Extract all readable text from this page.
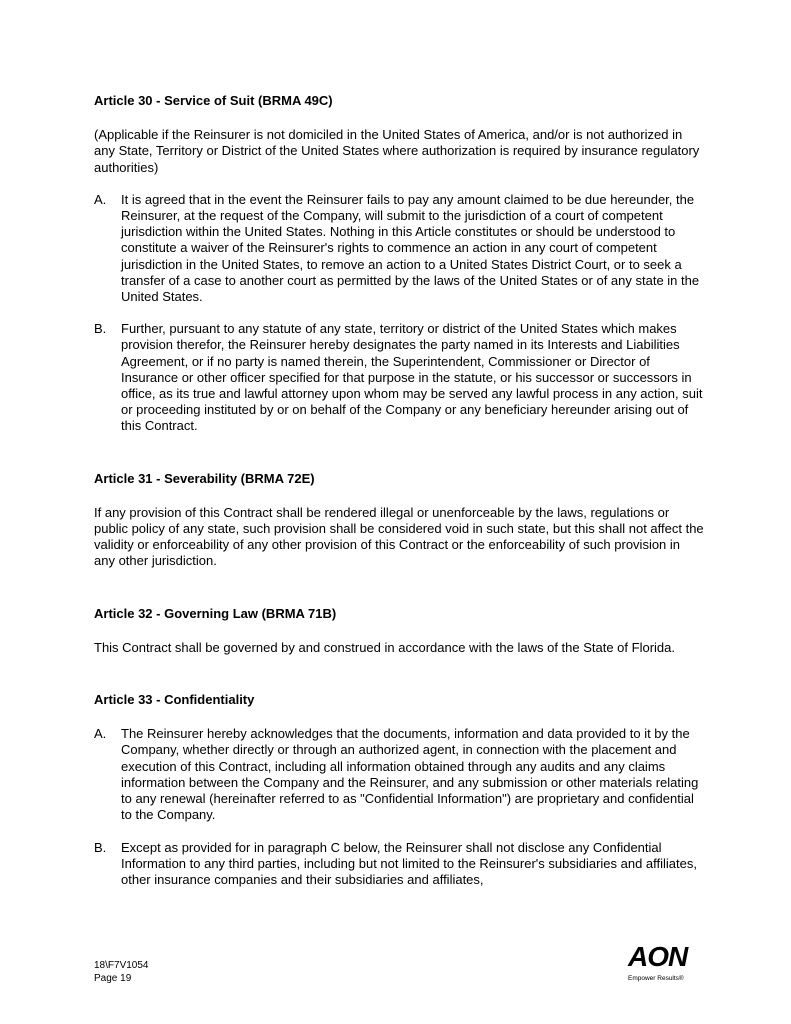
Article 30 - Service of Suit (BRMA 49C)
(Applicable if the Reinsurer is not domiciled in the United States of America, and/or is not authorized in any State, Territory or District of the United States where authorization is required by insurance regulatory authorities)
A. It is agreed that in the event the Reinsurer fails to pay any amount claimed to be due hereunder, the Reinsurer, at the request of the Company, will submit to the jurisdiction of a court of competent jurisdiction within the United States. Nothing in this Article constitutes or should be understood to constitute a waiver of the Reinsurer's rights to commence an action in any court of competent jurisdiction in the United States, to remove an action to a United States District Court, or to seek a transfer of a case to another court as permitted by the laws of the United States or of any state in the United States.
B. Further, pursuant to any statute of any state, territory or district of the United States which makes provision therefor, the Reinsurer hereby designates the party named in its Interests and Liabilities Agreement, or if no party is named therein, the Superintendent, Commissioner or Director of Insurance or other officer specified for that purpose in the statute, or his successor or successors in office, as its true and lawful attorney upon whom may be served any lawful process in any action, suit or proceeding instituted by or on behalf of the Company or any beneficiary hereunder arising out of this Contract.
Article 31 - Severability (BRMA 72E)
If any provision of this Contract shall be rendered illegal or unenforceable by the laws, regulations or public policy of any state, such provision shall be considered void in such state, but this shall not affect the validity or enforceability of any other provision of this Contract or the enforceability of such provision in any other jurisdiction.
Article 32 - Governing Law (BRMA 71B)
This Contract shall be governed by and construed in accordance with the laws of the State of Florida.
Article 33 - Confidentiality
A. The Reinsurer hereby acknowledges that the documents, information and data provided to it by the Company, whether directly or through an authorized agent, in connection with the placement and execution of this Contract, including all information obtained through any audits and any claims information between the Company and the Reinsurer, and any submission or other materials relating to any renewal (hereinafter referred to as "Confidential Information") are proprietary and confidential to the Company.
B. Except as provided for in paragraph C below, the Reinsurer shall not disclose any Confidential Information to any third parties, including but not limited to the Reinsurer's subsidiaries and affiliates, other insurance companies and their subsidiaries and affiliates,
18\F7V1054
Page 19
AON
Empower Results®
